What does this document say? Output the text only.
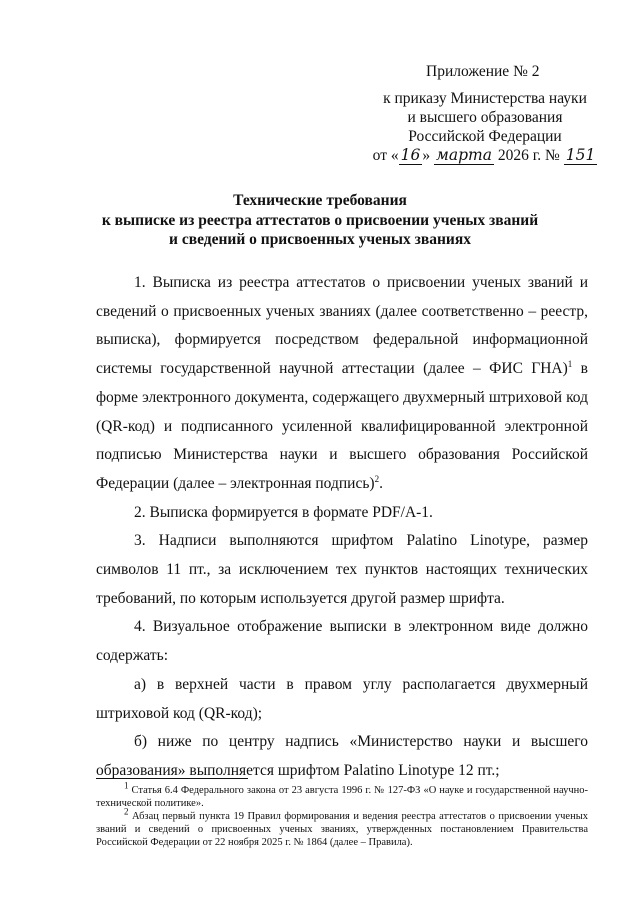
Приложение № 2
к приказу Министерства науки
и высшего образования
Российской Федерации
от « 16 » марта 2026 г. № 151
Технические требования
к выписке из реестра аттестатов о присвоении ученых званий
и сведений о присвоенных ученых званиях

1. Выписка из реестра аттестатов о присвоении ученых званий и сведений о присвоенных ученых званиях (далее соответственно – реестр, выписка), формируется посредством федеральной информационной системы государственной научной аттестации (далее – ФИС ГНА)$^1$ в форме электронного документа, содержащего двухмерный штриховой код (QR-код) и подписанного усиленной квалифицированной электронной подписью Министерства науки и высшего образования Российской Федерации (далее – электронная подпись)$^2$.

2. Выписка формируется в формате PDF/A-1.

3. Надписи выполняются шрифтом Palatino Linotype, размер символов 11 пт., за исключением тех пунктов настоящих технических требований, по которым используется другой размер шрифта.

4. Визуальное отображение выписки в электронном виде должно содержать:

а) в верхней части в правом углу располагается двухмерный штриховой код (QR-код);

б) ниже по центру надпись «Министерство науки и высшего образования» выполняется шрифтом Palatino Linotype 12 пт.;

$^1$ Статья 6.4 Федерального закона от 23 августа 1996 г. № 127-ФЗ «О науке и государственной научно-технической политике».

$^2$ Абзац первый пункта 19 Правил формирования и ведения реестра аттестатов о присвоении ученых званий и сведений о присвоенных ученых званиях, утвержденных постановлением Правительства Российской Федерации от 22 ноября 2025 г. № 1864 (далее – Правила).
